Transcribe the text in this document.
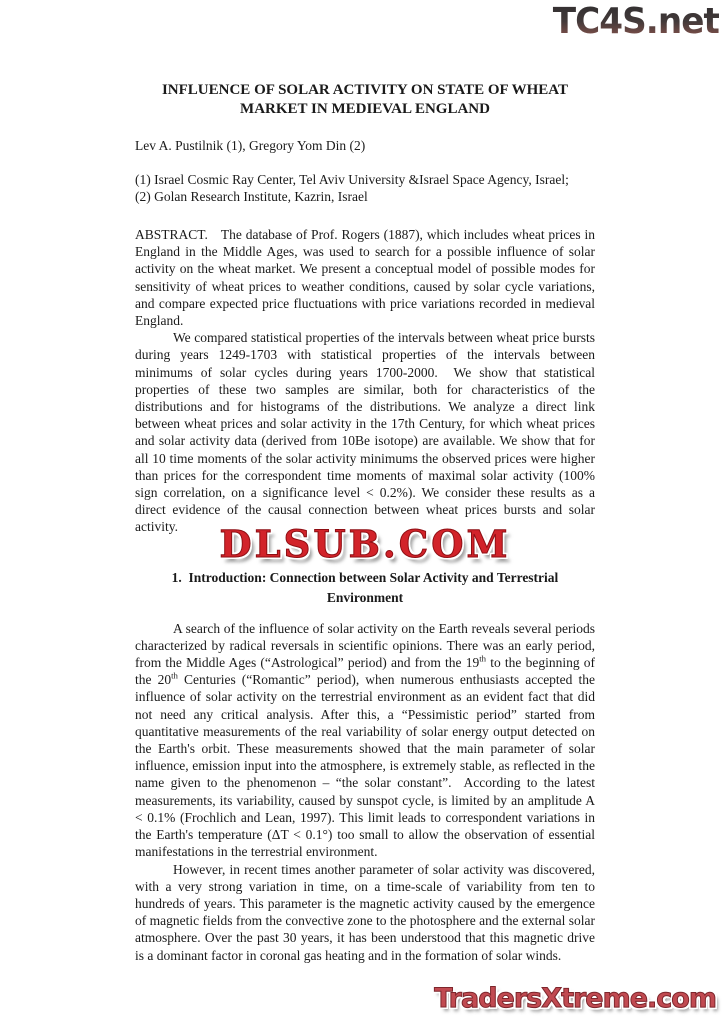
TC4S.net
INFLUENCE OF SOLAR ACTIVITY ON STATE OF WHEAT
MARKET IN MEDIEVAL ENGLAND
Lev A. Pustilnik (1), Gregory Yom Din (2)
(1) Israel Cosmic Ray Center, Tel Aviv University &Israel Space Agency, Israel;
(2) Golan Research Institute, Kazrin, Israel

ABSTRACT. The database of Prof. Rogers (1887), which includes wheat prices in England in the Middle Ages, was used to search for a possible influence of solar activity on the wheat market. We present a conceptual model of possible modes for sensitivity of wheat prices to weather conditions, caused by solar cycle variations, and compare expected price fluctuations with price variations recorded in medieval England.

We compared statistical properties of the intervals between wheat price bursts during years 1249-1703 with statistical properties of the intervals between minimums of solar cycles during years 1700-2000.  We show that statistical properties of these two samples are similar, both for characteristics of the distributions and for histograms of the distributions. We analyze a direct link between wheat prices and solar activity in the 17th Century, for which wheat prices and solar activity data (derived from 10Be isotope) are available. We show that for all 10 time moments of the solar activity minimums the observed prices were higher than prices for the correspondent time moments of maximal solar activity (100% sign correlation, on a significance level < 0.2%). We consider these results as a direct evidence of the causal connection between wheat prices bursts and solar activity.	DLSUB.COM
1.  Introduction: Connection between Solar Activity and Terrestrial
Environment

A search of the influence of solar activity on the Earth reveals several periods characterized by radical reversals in scientific opinions. There was an early period, from the Middle Ages (“Astrological” period) and from the 19th to the beginning of the 20th Centuries (“Romantic” period), when numerous enthusiasts accepted the influence of solar activity on the terrestrial environment as an evident fact that did not need any critical analysis. After this, a “Pessimistic period” started from quantitative measurements of the real variability of solar energy output detected on the Earth's orbit. These measurements showed that the main parameter of solar influence, emission input into the atmosphere, is extremely stable, as reflected in the name given to the phenomenon – “the solar constant”.  According to the latest measurements, its variability, caused by sunspot cycle, is limited by an amplitude A < 0.1% (Frochlich and Lean, 1997). This limit leads to correspondent variations in the Earth's temperature (ΔT < 0.1°) too small to allow the observation of essential manifestations in the terrestrial environment.

However, in recent times another parameter of solar activity was discovered, with a very strong variation in time, on a time-scale of variability from ten to hundreds of years. This parameter is the magnetic activity caused by the emergence of magnetic fields from the convective zone to the photosphere and the external solar atmosphere. Over the past 30 years, it has been understood that this magnetic drive is a dominant factor in coronal gas heating and in the formation of solar winds.

TradersXtreme.com
